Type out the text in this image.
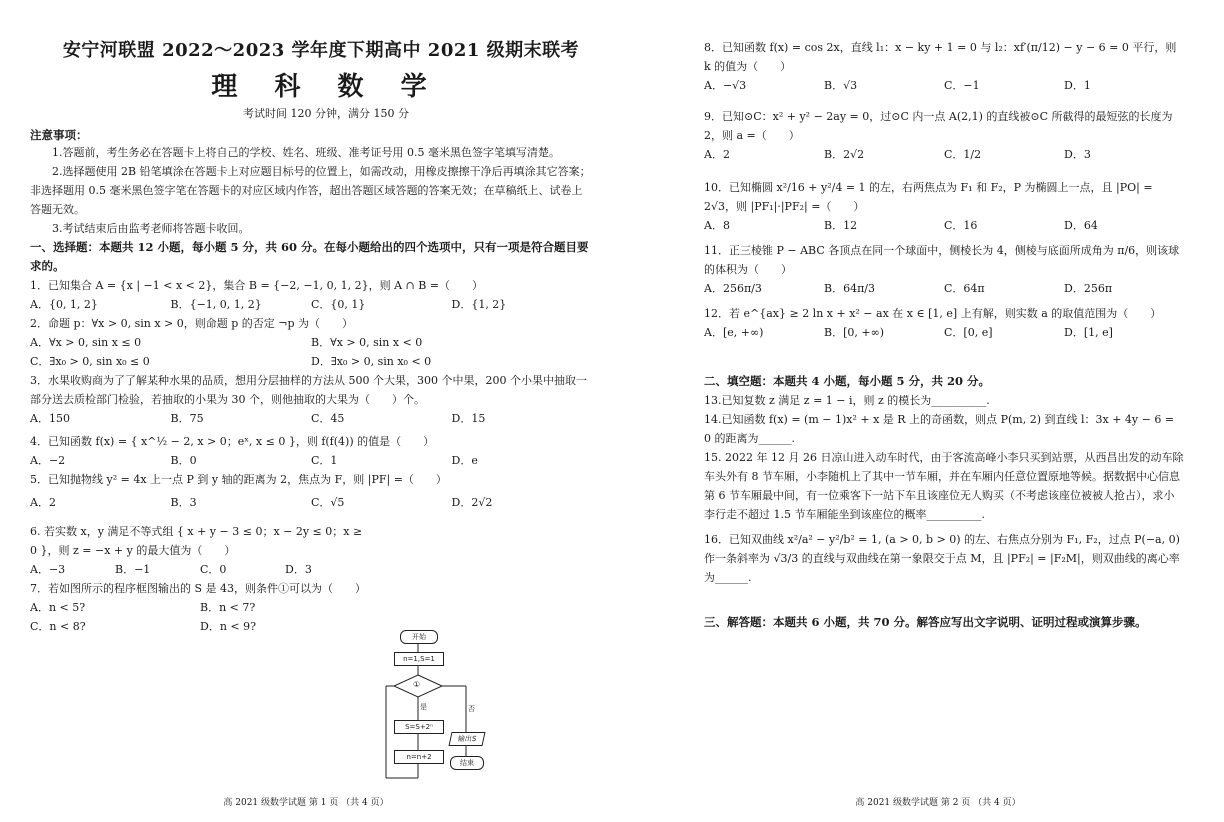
安宁河联盟 2022～2023 学年度下期高中 2021 级期末联考
理 科 数 学
考试时间 120 分钟，满分 150 分
注意事项：
1.答题前，考生务必在答题卡上将自己的学校、姓名、班级、准考证号用 0.5 毫米黑色签字笔填写清楚。
2.选择题使用 2B 铅笔填涂在答题卡上对应题目标号的位置上，如需改动，用橡皮擦擦干净后再填涂其它答案；非选择题用 0.5 毫米黑色签字笔在答题卡的对应区域内作答，超出答题区域答题的答案无效；在草稿纸上、试卷上答题无效。
3.考试结束后由监考老师将答题卡收回。
一、选择题：本题共 12 小题，每小题 5 分，共 60 分。在每小题给出的四个选项中，只有一项是符合题目要求的。
1．已知集合 A = {x | −1 < x < 2}，集合 B = {−2, −1, 0, 1, 2}，则 A ∩ B =（　　）
A．{0, 1, 2}	B．{−1, 0, 1, 2}	C．{0, 1}	D．{1, 2}
2．命题 p：∀x > 0, sin x > 0，则命题 p 的否定 ¬p 为（　　）
A．∀x > 0, sin x ≤ 0	B．∀x > 0, sin x < 0
C．∃x₀ > 0, sin x₀ ≤ 0	D．∃x₀ > 0, sin x₀ < 0
3．水果收购商为了了解某种水果的品质，想用分层抽样的方法从 500 个大果，300 个中果，200 个小果中抽取一部分送去质检部门检验，若抽取的小果为 30 个，则他抽取的大果为（　　）个。
A．150	B．75	C．45	D．15
4．已知函数 f(x) = { x^½ − 2, x > 0；eˣ, x ≤ 0 }，则 f(f(4)) 的值是（　　）
A．−2	B．0	C．1	D．e
5．已知抛物线 y² = 4x 上一点 P 到 y 轴的距离为 2，焦点为 F，则 |PF| =（　　）
A．2	B．3	C．√5	D．2√2
6. 若实数 x，y 满足不等式组 { x + y − 3 ≤ 0；x − 2y ≤ 0；x ≥ 0 }，则 z = −x + y 的最大值为（　　）
A．−3	B．−1	C．0	D．3
7．若如图所示的程序框图输出的 S 是 43，则条件①可以为（　　）
A．n < 5?	B．n < 7?
C．n < 8?	D．n < 9?
高 2021 级数学试题 第 1 页 （共 4 页）
开始
n=1,S=1
①
是	否
S=S+2ⁿ
n=n+2
输出S
结束
8．已知函数 f(x) = cos 2x，直线 l₁：x − ky + 1 = 0 与 l₂：xf′(π/12) − y − 6 = 0 平行，则 k 的值为（　　）
A．−√3	B．√3	C．−1	D．1
9．已知⊙C：x² + y² − 2ay = 0，过⊙C 内一点 A(2,1) 的直线被⊙C 所截得的最短弦的长度为 2，则 a =（　　）
A．2	B．2√2	C．1/2	D．3
10．已知椭圆 x²/16 + y²/4 = 1 的左，右两焦点为 F₁ 和 F₂，P 为椭圆上一点，且 |PO| = 2√3，则 |PF₁|·|PF₂| =（　　）
A．8	B．12	C．16	D．64
11．正三棱锥 P − ABC 各顶点在同一个球面中，侧棱长为 4，侧棱与底面所成角为 π/6，则该球的体积为（　　）
A．256π/3	B．64π/3	C．64π	D．256π
12．若 e^{ax} ≥ 2 ln x + x² − ax 在 x ∈ [1, e] 上有解，则实数 a 的取值范围为（　　）
A．[e, +∞)	B．[0, +∞)	C．[0, e]	D．[1, e]
二、填空题：本题共 4 小题，每小题 5 分，共 20 分。
13.已知复数 z 满足 z = 1 − i，则 z 的模长为__________.
14.已知函数 f(x) = (m − 1)x² + x 是 R 上的奇函数，则点 P(m, 2) 到直线 l：3x + 4y − 6 = 0 的距离为______.
15. 2022 年 12 月 26 日凉山进入动车时代，由于客流高峰小李只买到站票，从西昌出发的动车除车头外有 8 节车厢，小李随机上了其中一节车厢，并在车厢内任意位置原地等候。据数据中心信息第 6 节车厢最中间，有一位乘客下一站下车且该座位无人购买（不考虑该座位被被人抢占），求小李行走不超过 1.5 节车厢能坐到该座位的概率__________.
16．已知双曲线 x²/a² − y²/b² = 1, (a > 0, b > 0) 的左、右焦点分别为 F₁, F₂，过点 P(−a, 0) 作一条斜率为 √3/3 的直线与双曲线在第一象限交于点 M，且 |PF₂| = |F₂M|，则双曲线的离心率为______.
三、解答题：本题共 6 小题，共 70 分。解答应写出文字说明、证明过程或演算步骤。
高 2021 级数学试题 第 2 页 （共 4 页）
